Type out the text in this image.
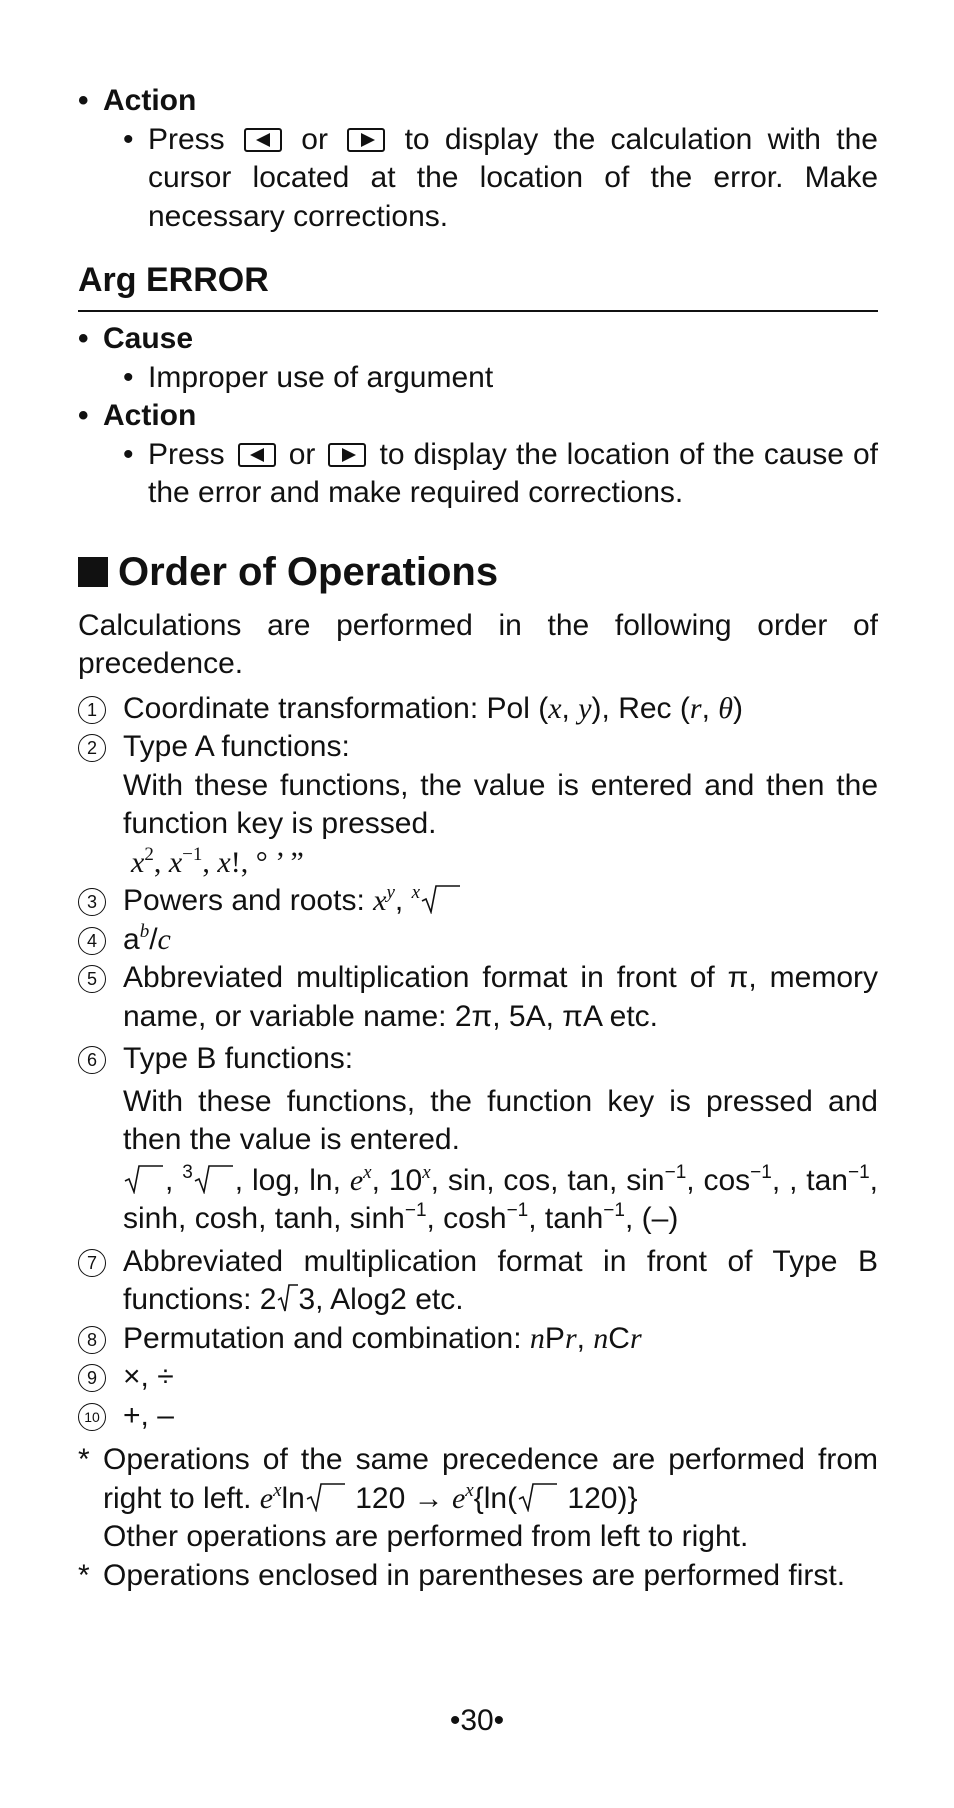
• Action
• Press	or	to display the calculation with the cursor located at the location of the error. Make necessary corrections.
Arg ERROR
• Cause
• Improper use of argument
• Action
• Press or to display the location of the cause of the error and make required corrections.
Order of Operations
Calculations are performed in the following order of precedence.
1 Coordinate transformation: Pol (x, y), Rec (r, θ)
2 Type A functions:
With these functions, the value is entered and then the function key is pressed.
$x^2$, $x^{-1}$, x!, ° ’ ”
3 Powers and roots: $x^y$, $^x$
4 $a^b/c$
5 Abbreviated multiplication format in front of π, memory name, or variable name: 2π, 5A, πA etc.
6 Type B functions:
With these functions, the function key is pressed and then the value is entered.
, $^3$ , log, ln, $e^x$, 10$^x$, sin, cos, tan, $\sin^{-1}$, $\cos^{-1}$, , $\tan^{-1}$, sinh, cosh, tanh, $\sinh^{-1}$, $\cosh^{-1}$, $\tanh^{-1}$, (–)
7 Abbreviated multiplication format in front of Type B functions: 2 3, Alog2 etc.
8 Permutation and combination: nPr, nCr
9 ×, ÷
10 +, –
* Operations of the same precedence are performed from right to left. $e^x\ln$
$120 \to e^x\{\ln$(
120)}
Other operations are performed from left to right.
* Operations enclosed in parentheses are performed first.
•30•
